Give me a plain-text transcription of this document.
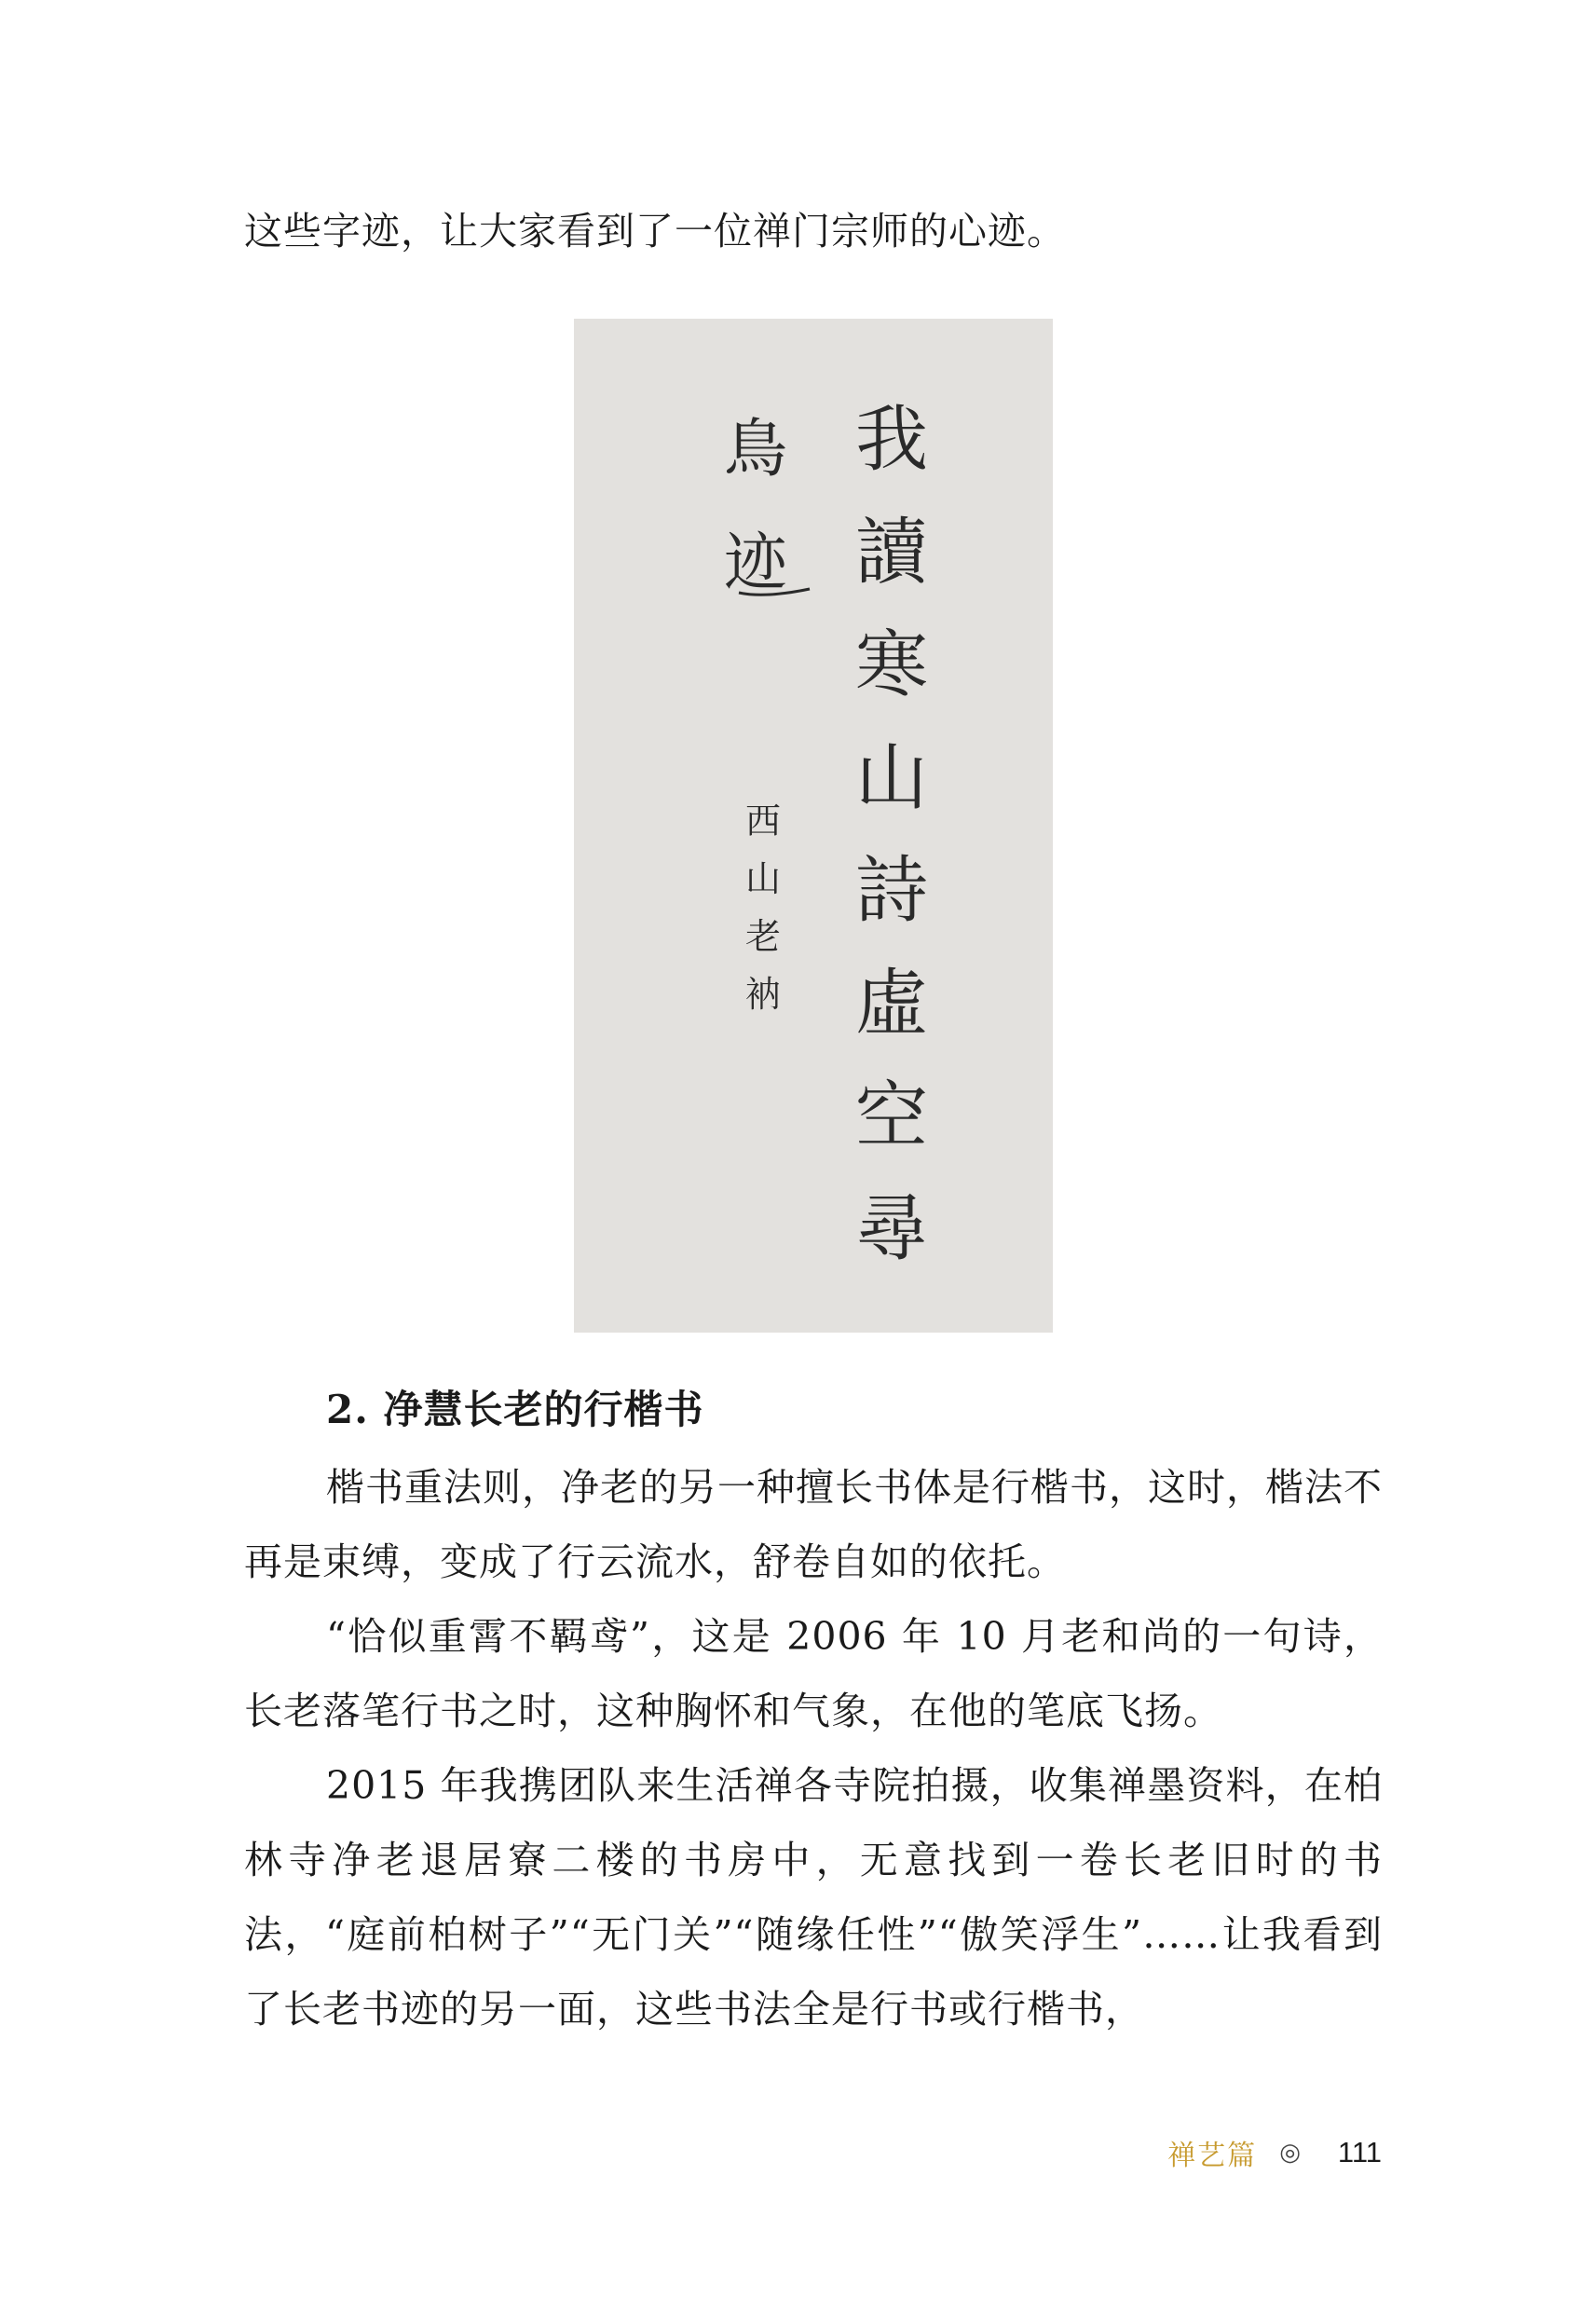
这些字迹，让大家看到了一位禅门宗师的心迹。

我
讀
寒
山
詩
虛
空
尋
鳥
迹
西
山
老
衲
2. 净慧长老的行楷书

楷书重法则，净老的另一种擅长书体是行楷书，这时，楷法不再是束缚，变成了行云流水，舒卷自如的依托。

“恰似重霄不羁鸢”，这是 2006 年 10 月老和尚的一句诗，长老落笔行书之时，这种胸怀和气象，在他的笔底飞扬。

2015 年我携团队来生活禅各寺院拍摄，收集禅墨资料，在柏林寺净老退居寮二楼的书房中，无意找到一卷长老旧时的书法，“庭前柏树子”“无门关”“随缘任性”“傲笑浮生”……让我看到了长老书迹的另一面，这些书法全是行书或行楷书，

禅艺篇 ◎ 111
